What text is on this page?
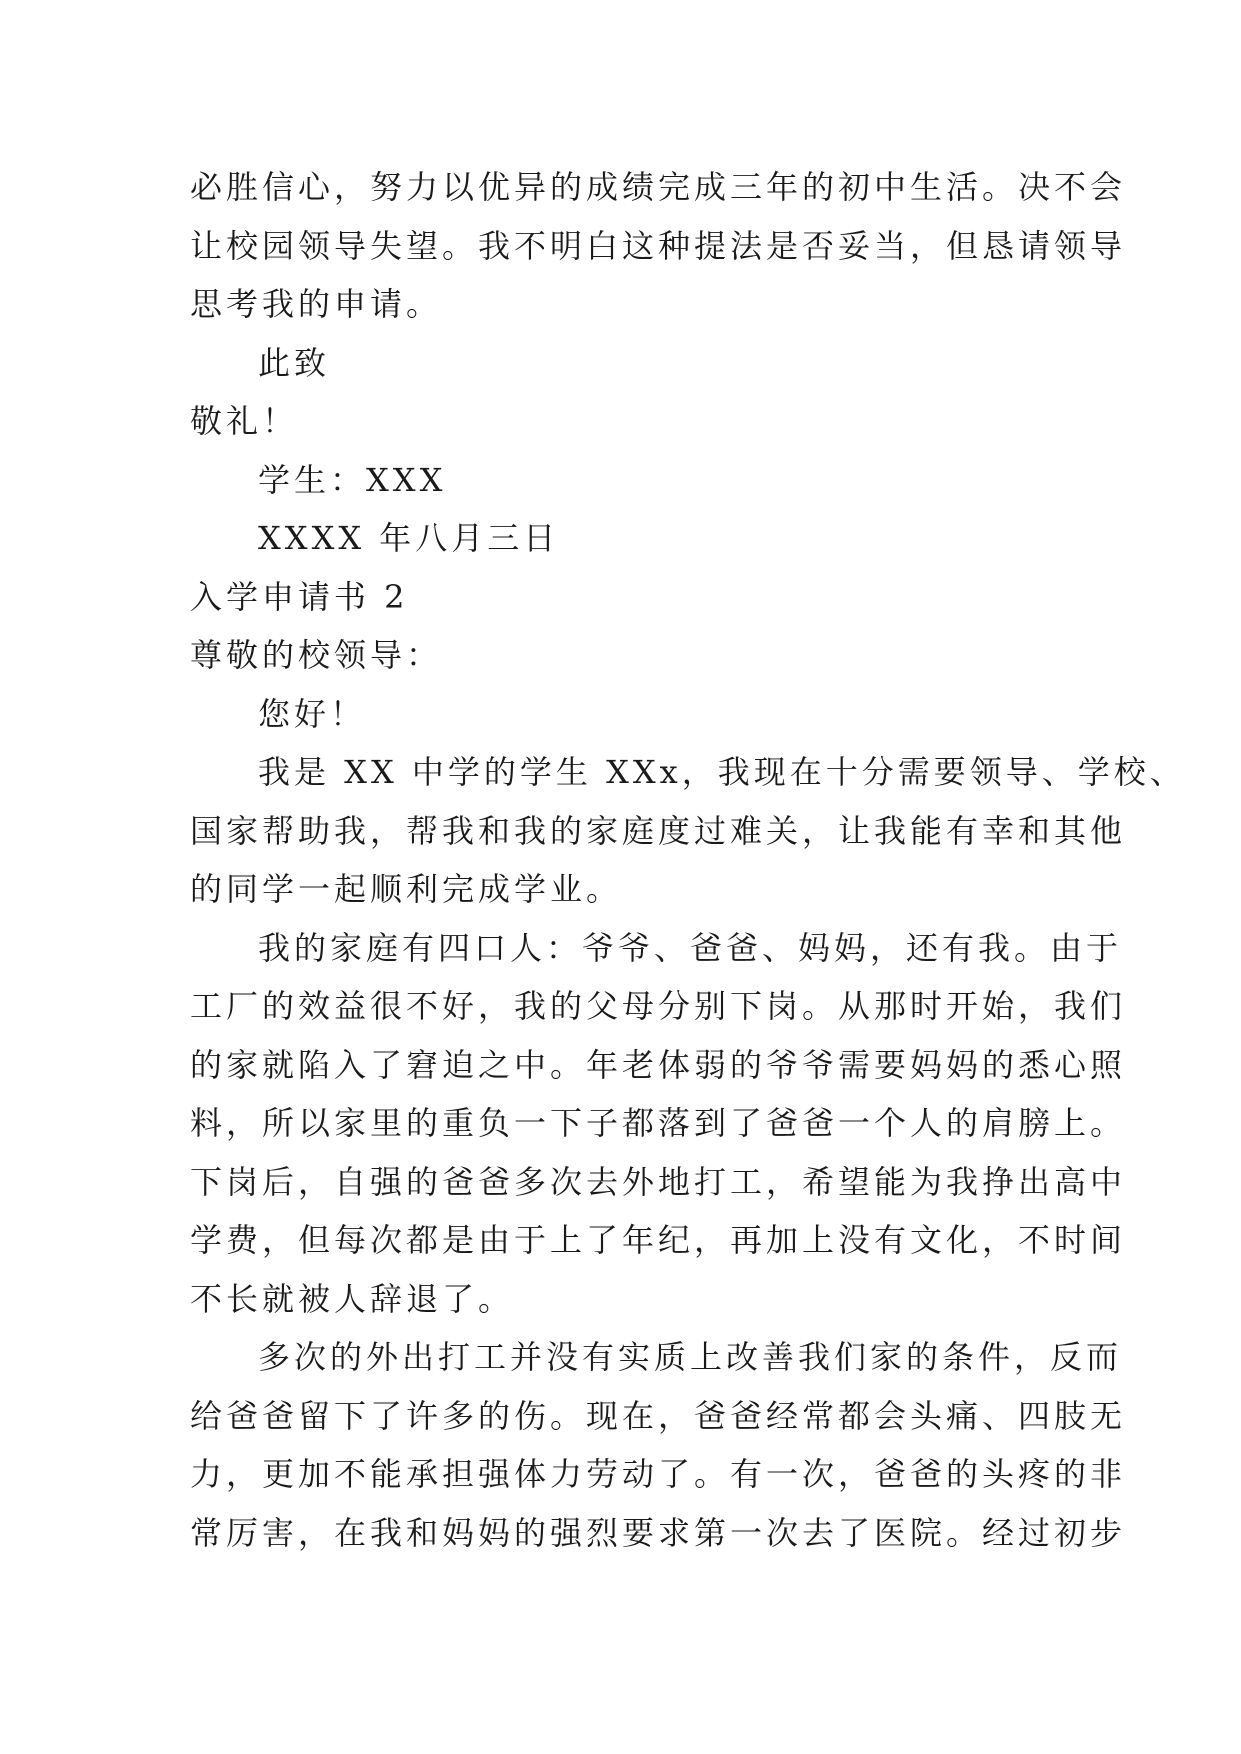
必胜信心，努力以优异的成绩完成三年的初中生活。决不会
让校园领导失望。我不明白这种提法是否妥当，但恳请领导
思考我的申请。
此致
敬礼！
学生：XXX
XXXX 年八月三日
入学申请书 2
尊敬的校领导：
您好！
我是 XX 中学的学生 XXx，我现在十分需要领导、学校、
国家帮助我，帮我和我的家庭度过难关，让我能有幸和其他
的同学一起顺利完成学业。
我的家庭有四口人：爷爷、爸爸、妈妈，还有我。由于
工厂的效益很不好，我的父母分别下岗。从那时开始，我们
的家就陷入了窘迫之中。年老体弱的爷爷需要妈妈的悉心照
料，所以家里的重负一下子都落到了爸爸一个人的肩膀上。
下岗后，自强的爸爸多次去外地打工，希望能为我挣出高中
学费，但每次都是由于上了年纪，再加上没有文化，不时间
不长就被人辞退了。
多次的外出打工并没有实质上改善我们家的条件，反而
给爸爸留下了许多的伤。现在，爸爸经常都会头痛、四肢无
力，更加不能承担强体力劳动了。有一次，爸爸的头疼的非
常厉害，在我和妈妈的强烈要求第一次去了医院。经过初步
